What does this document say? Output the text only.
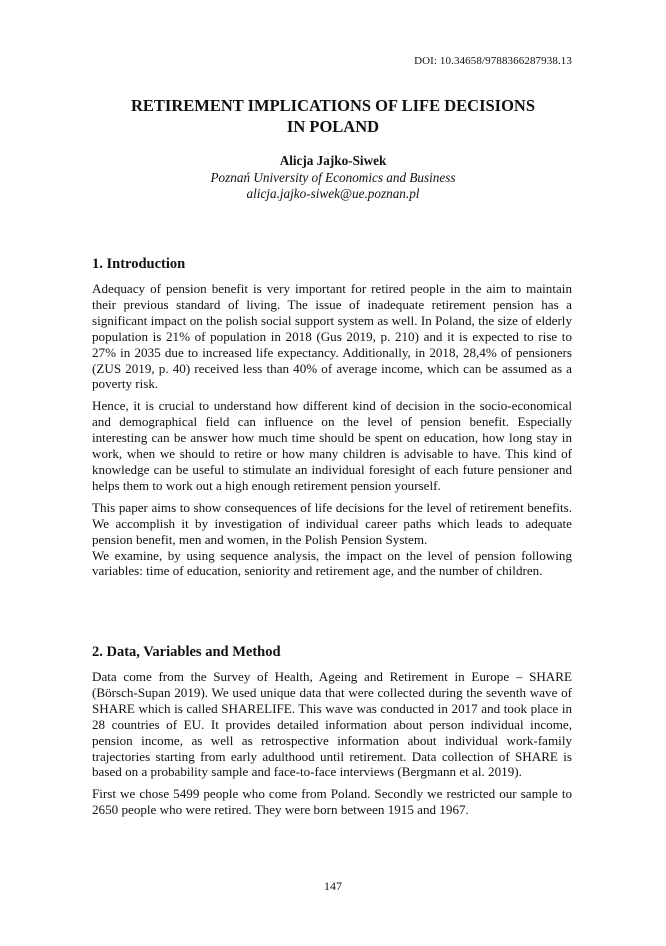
DOI: 10.34658/9788366287938.13
RETIREMENT IMPLICATIONS OF LIFE DECISIONS
IN POLAND
Alicja Jajko-Siwek
Poznań University of Economics and Business
alicja.jajko-siwek@ue.poznan.pl
1. Introduction

Adequacy of pension benefit is very important for retired people in the aim to maintain their previous standard of living. The issue of inadequate retirement pension has a significant impact on the polish social support system as well. In Poland, the size of elderly population is 21% of population in 2018 (Gus 2019, p. 210) and it is expected to rise to 27% in 2035 due to increased life expectancy. Additionally, in 2018, 28,4% of pensioners (ZUS 2019, p. 40) received less than 40% of average income, which can be assumed as a poverty risk.

Hence, it is crucial to understand how different kind of decision in the socio-economical and demographical field can influence on the level of pension benefit. Especially interesting can be answer how much time should be spent on education, how long stay in work, when we should to retire or how many children is advisable to have. This kind of knowledge can be useful to stimulate an individual foresight of each future pensioner and helps them to work out a high enough retirement pension yourself.

This paper aims to show consequences of life decisions for the level of retirement benefits. We accomplish it by investigation of individual career paths which leads to adequate pension benefit, men and women, in the Polish Pension System.

We examine, by using sequence analysis, the impact on the level of pension following variables: time of education, seniority and retirement age, and the number of children.

2. Data, Variables and Method

Data come from the Survey of Health, Ageing and Retirement in Europe – SHARE (Börsch-Supan 2019). We used unique data that were collected during the seventh wave of SHARE which is called SHARELIFE. This wave was conducted in 2017 and took place in 28 countries of EU. It provides detailed information about person individual income, pension income, as well as retrospective information about individual work-family trajectories starting from early adulthood until retirement. Data collection of SHARE is based on a probability sample and face-to-face interviews (Bergmann et al. 2019).

First we chose 5499 people who come from Poland. Secondly we restricted our sample to 2650 people who were retired. They were born between 1915 and 1967.

147
